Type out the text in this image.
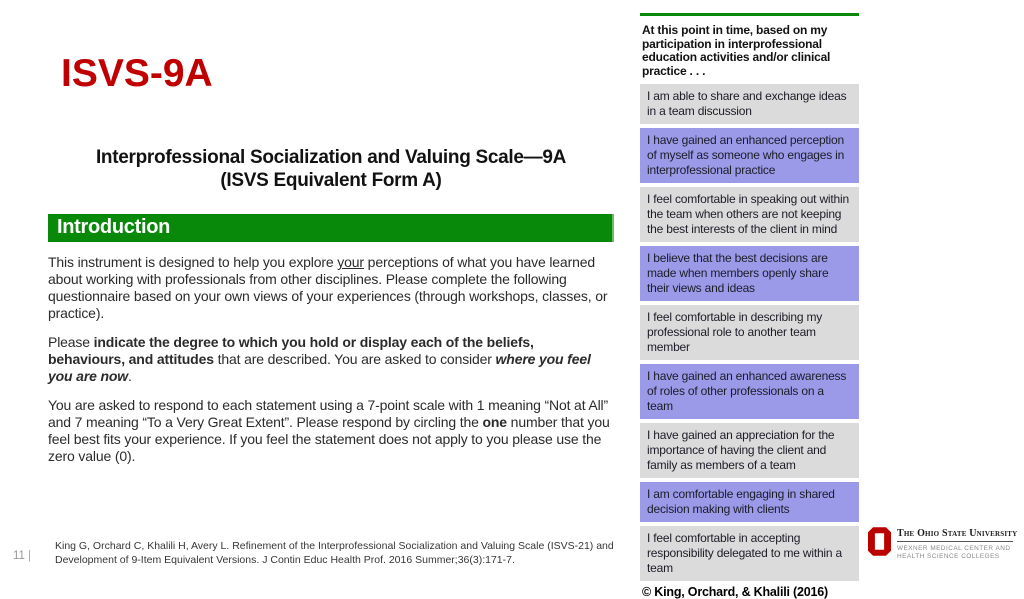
ISVS-9A
Interprofessional Socialization and Valuing Scale—9A
(ISVS Equivalent Form A)
Introduction

This instrument is designed to help you explore your perceptions of what you have learned about working with professionals from other disciplines. Please complete the following questionnaire based on your own views of your experiences (through workshops, classes, or practice).

Please indicate the degree to which you hold or display each of the beliefs, behaviours, and attitudes that are described. You are asked to consider where you feel you are now.

You are asked to respond to each statement using a 7-point scale with 1 meaning “Not at All” and 7 meaning “To a Very Great Extent”. Please respond by circling the one number that you feel best fits your experience. If you feel the statement does not apply to you please use the zero value (0).

At this point in time, based on my participation in interprofessional education activities and/or clinical practice . . .
I am able to share and exchange ideas in a team discussion
I have gained an enhanced perception of myself as someone who engages in interprofessional practice
I feel comfortable in speaking out within the team when others are not keeping the best interests of the client in mind
I believe that the best decisions are made when members openly share their views and ideas
I feel comfortable in describing my professional role to another team member
I have gained an enhanced awareness of roles of other professionals on a team
I have gained an appreciation for the importance of having the client and family as members of a team
I am comfortable engaging in shared decision making with clients
I feel comfortable in accepting responsibility delegated to me within a team
© King, Orchard, & Khalili (2016)
11 |
King G, Orchard C, Khalili H, Avery L. Refinement of the Interprofessional Socialization and Valuing Scale (ISVS-21) and
Development of 9-Item Equivalent Versions. J Contin Educ Health Prof. 2016 Summer;36(3):171-7.
The Ohio State University
WEXNER MEDICAL CENTER AND
HEALTH SCIENCE COLLEGES
